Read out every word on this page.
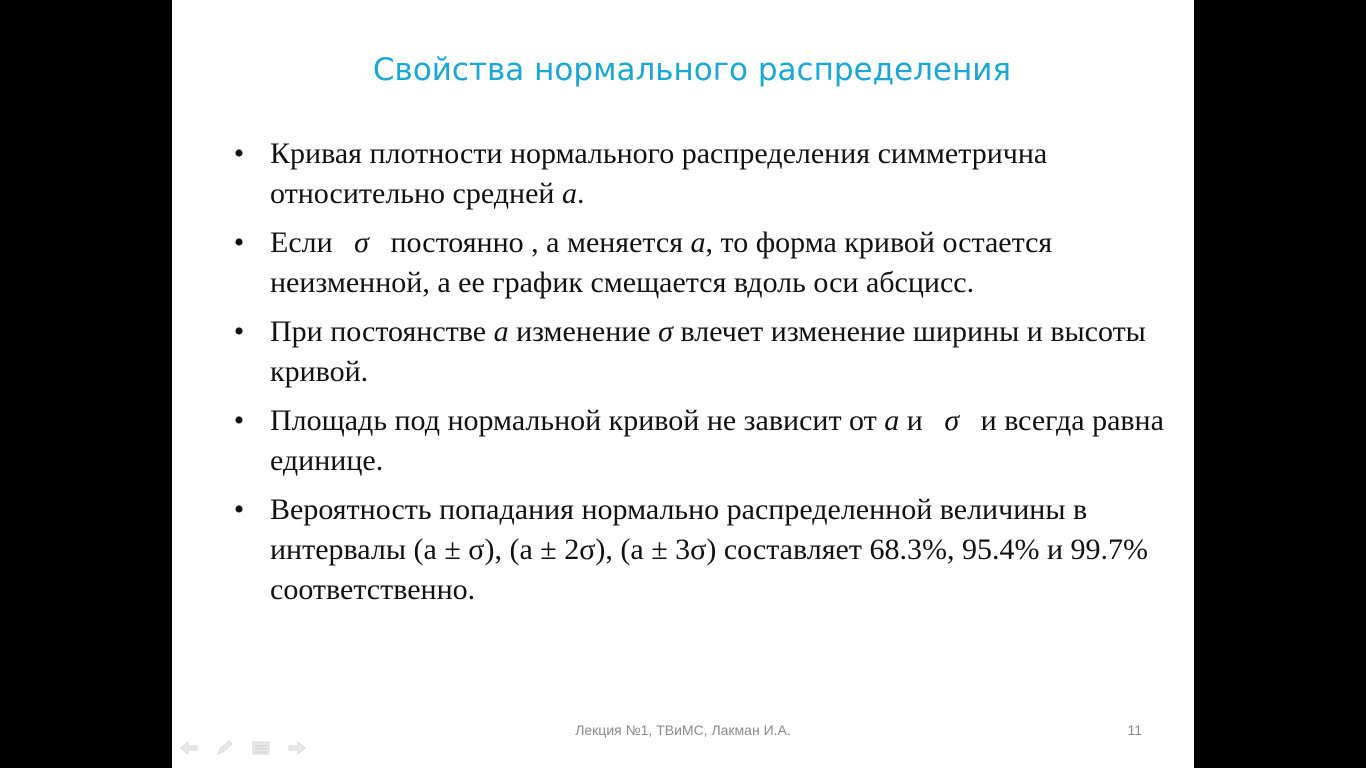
Свойства нормального распределения
• Кривая плотности нормального распределения симметрична относительно средней a.
• Если σ постоянно , а меняется a, то форма кривой остается неизменной, а ее график смещается вдоль оси абсцисс.
• При постоянстве a изменение σ влечет изменение ширины и высоты кривой.
• Площадь под нормальной кривой не зависит от a и σ и всегда равна единице.
• Вероятность попадания нормально распределенной величины в интервалы (a ± σ), (a ± 2σ), (a ± 3σ) составляет 68.3%, 95.4% и 99.7% соответственно.
Лекция №1, ТВиМС, Лакман И.А.	11
